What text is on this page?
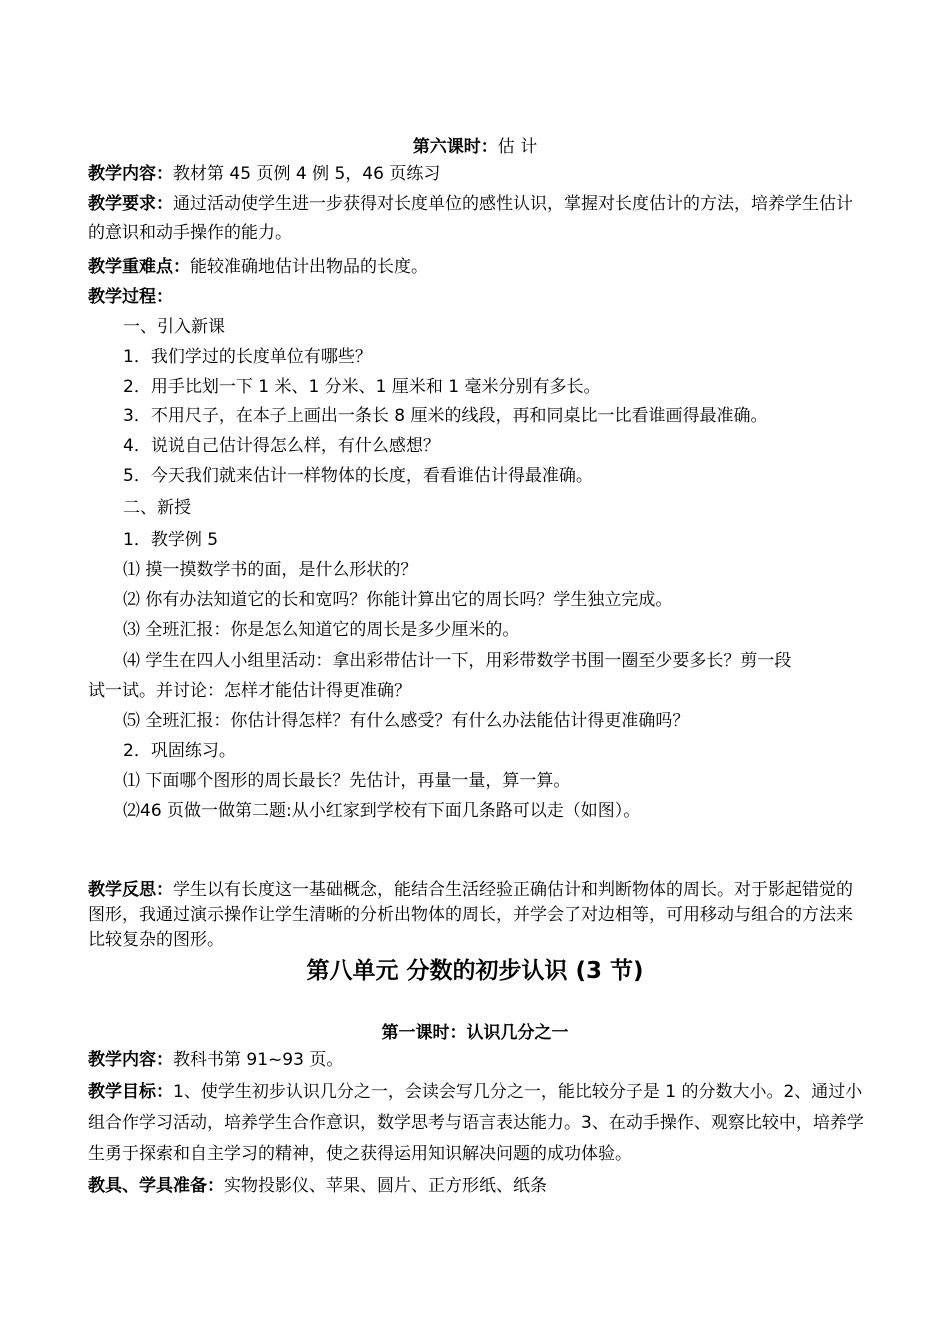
第六课时：估 计
教学内容：教材第 45 页例 4 例 5，46 页练习
教学要求：通过活动使学生进一步获得对长度单位的感性认识，掌握对长度估计的方法，培养学生估计的意识和动手操作的能力。
教学重难点：能较准确地估计出物品的长度。
教学过程：
一、引入新课
1．我们学过的长度单位有哪些？
2．用手比划一下 1 米、1 分米、1 厘米和 1 毫米分别有多长。
3．不用尺子，在本子上画出一条长 8 厘米的线段，再和同桌比一比看谁画得最准确。
4．说说自己估计得怎么样，有什么感想？
5．今天我们就来估计一样物体的长度，看看谁估计得最准确。
二、新授
1．教学例 5
⑴ 摸一摸数学书的面，是什么形状的？
⑵ 你有办法知道它的长和宽吗？你能计算出它的周长吗？学生独立完成。
⑶ 全班汇报：你是怎么知道它的周长是多少厘米的。
⑷ 学生在四人小组里活动：拿出彩带估计一下，用彩带数学书围一圈至少要多长？剪一段
试一试。并讨论：怎样才能估计得更准确？
⑸ 全班汇报：你估计得怎样？有什么感受？有什么办法能估计得更准确吗？
2．巩固练习。
⑴ 下面哪个图形的周长最长？先估计，再量一量，算一算。
⑵46 页做一做第二题:从小红家到学校有下面几条路可以走（如图）。
教学反思：学生以有长度这一基础概念，能结合生活经验正确估计和判断物体的周长。对于影起错觉的图形，我通过演示操作让学生清晰的分析出物体的周长，并学会了对边相等，可用移动与组合的方法来比较复杂的图形。
第八单元 分数的初步认识 (3 节)
第一课时：认识几分之一
教学内容：教科书第 91~93 页。
教学目标：1、使学生初步认识几分之一，会读会写几分之一，能比较分子是 1 的分数大小。2、通过小组合作学习活动，培养学生合作意识，数学思考与语言表达能力。3、在动手操作、观察比较中，培养学生勇于探索和自主学习的精神，使之获得运用知识解决问题的成功体验。
教具、学具准备：实物投影仪、苹果、圆片、正方形纸、纸条
